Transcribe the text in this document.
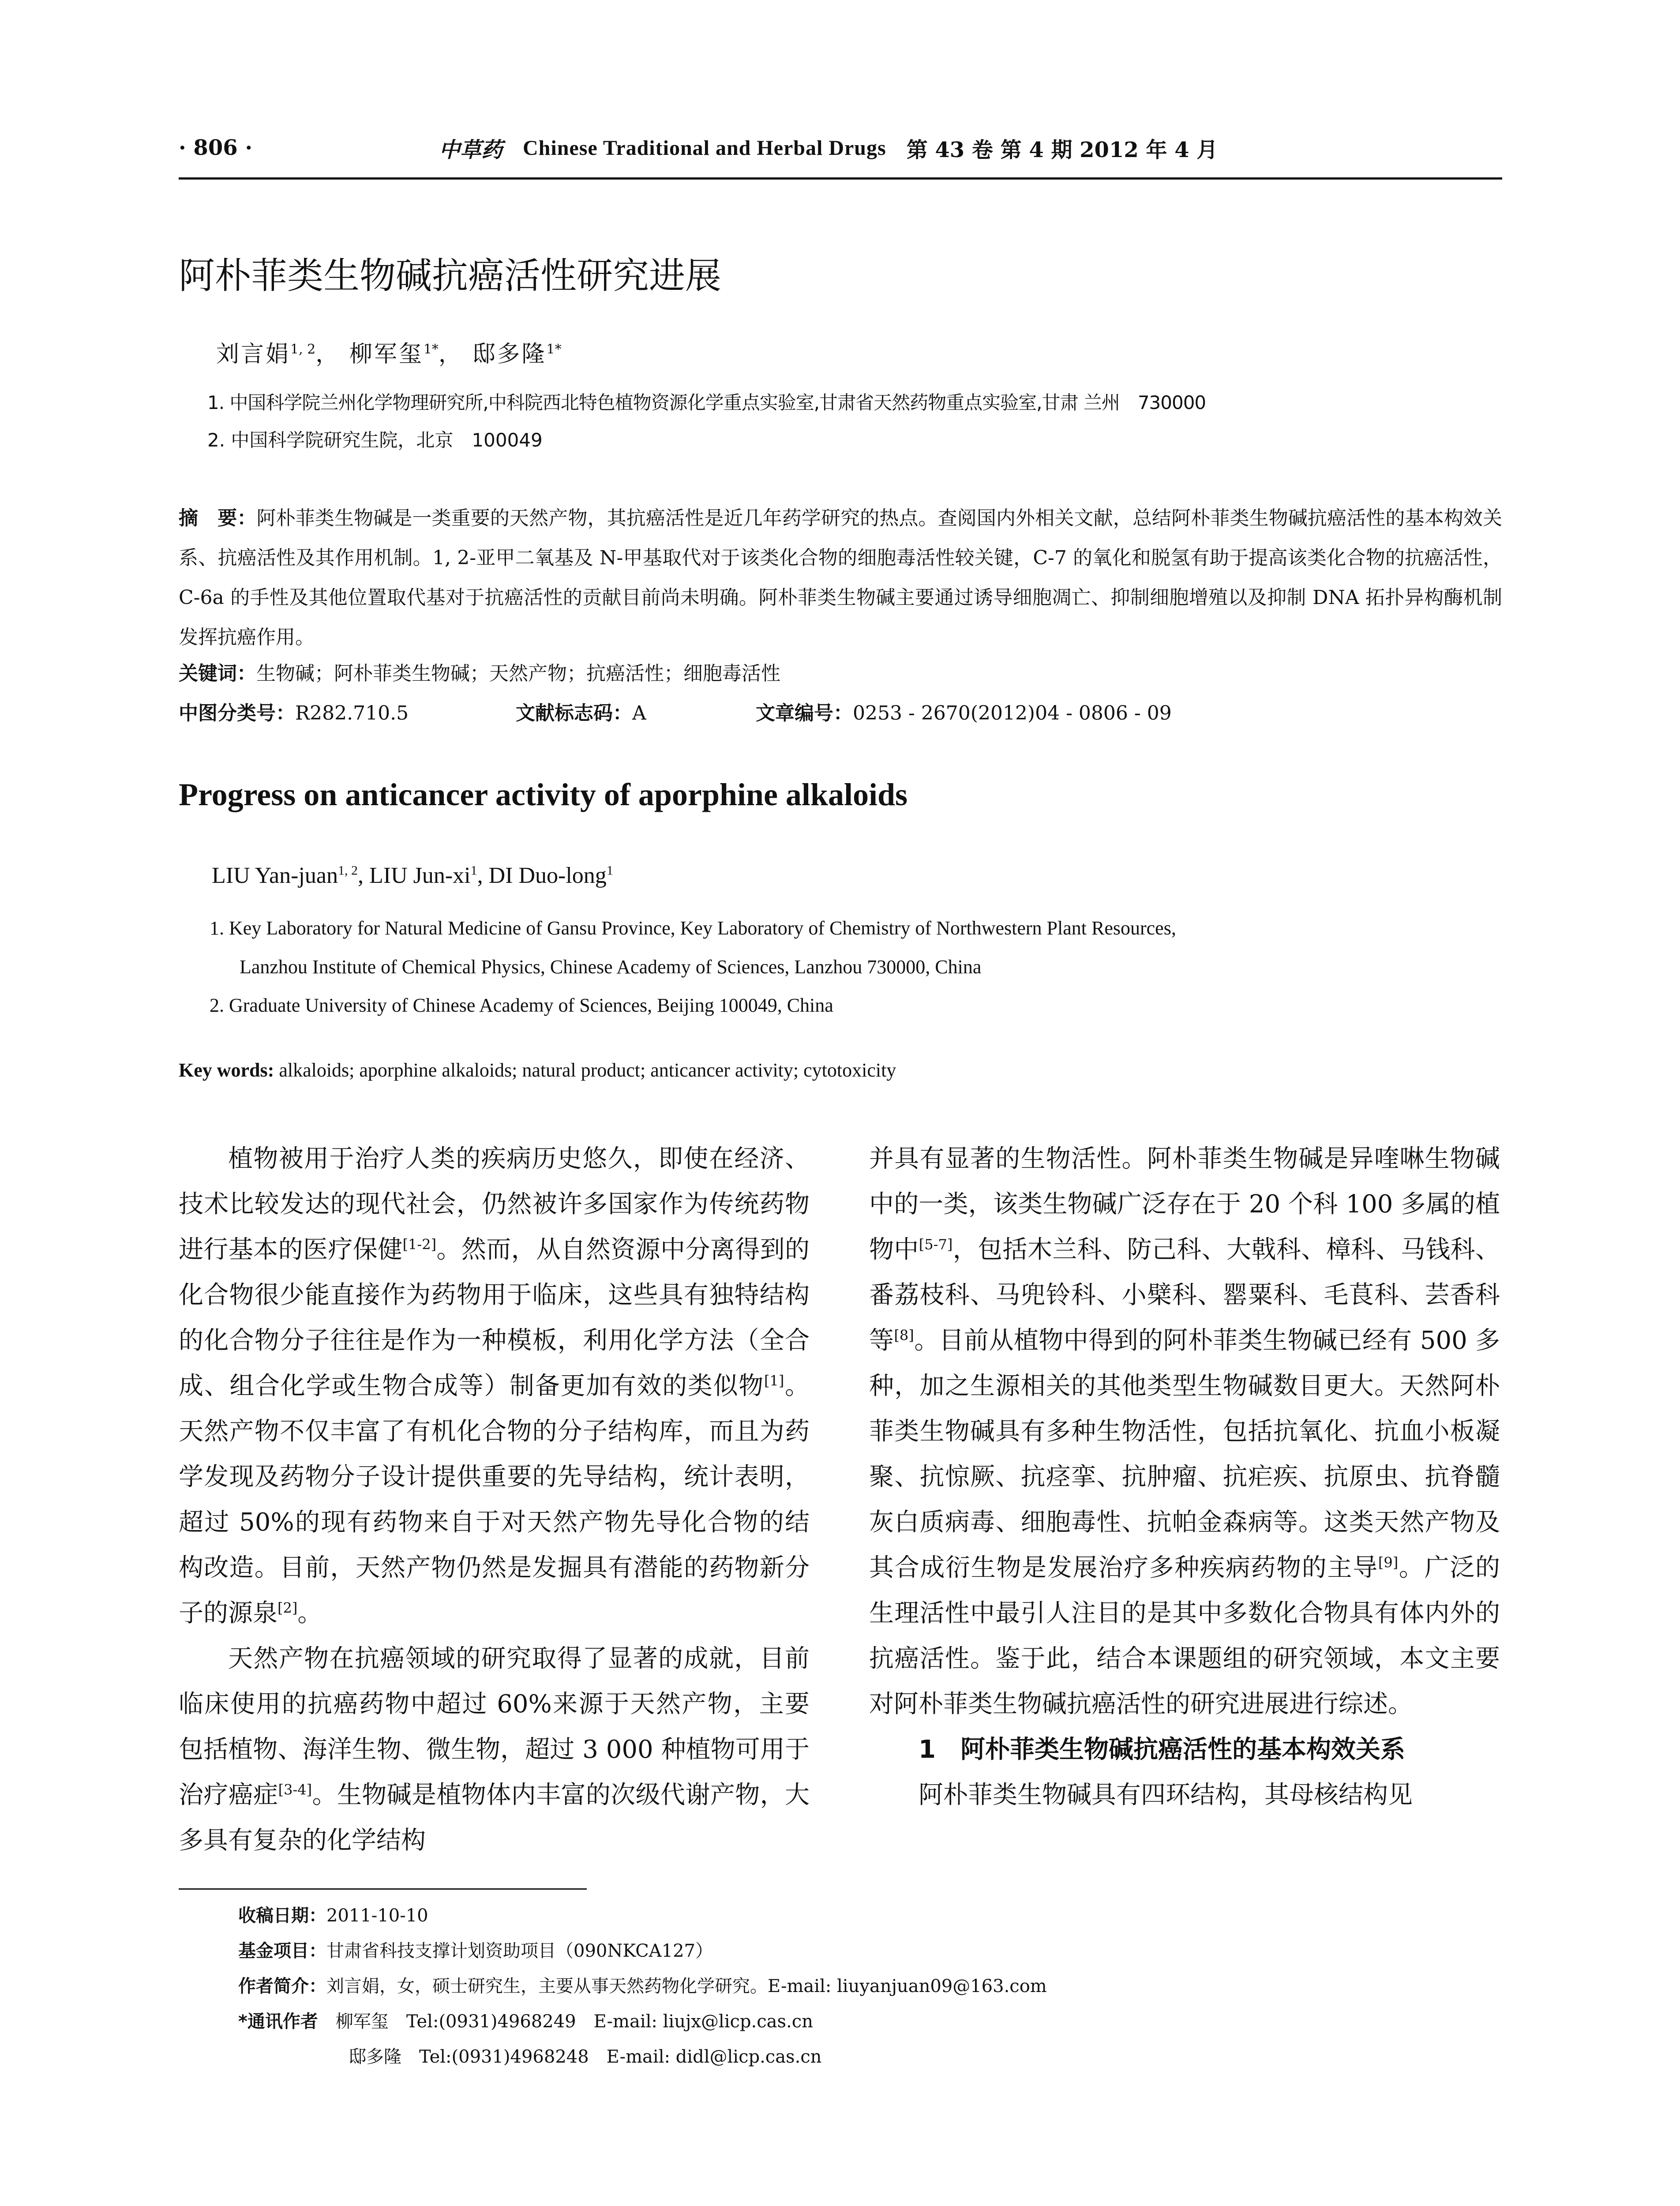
· 806 ·	中草药 Chinese Traditional and Herbal Drugs 第 43 卷 第 4 期 2012 年 4 月
阿朴菲类生物碱抗癌活性研究进展
刘言娟$^{1, 2}$， 柳军玺$^{1*}$， 邸多隆$^{1*}$
1. 中国科学院兰州化学物理研究所,中科院西北特色植物资源化学重点实验室,甘肃省天然药物重点实验室,甘肃 兰州　730000
2. 中国科学院研究生院，北京　100049
摘　要：阿朴菲类生物碱是一类重要的天然产物，其抗癌活性是近几年药学研究的热点。查阅国内外相关文献，总结阿朴菲类生物碱抗癌活性的基本构效关系、抗癌活性及其作用机制。1, 2-亚甲二氧基及 N-甲基取代对于该类化合物的细胞毒活性较关键，C-7 的氧化和脱氢有助于提高该类化合物的抗癌活性，C-6a 的手性及其他位置取代基对于抗癌活性的贡献目前尚未明确。阿朴菲类生物碱主要通过诱导细胞凋亡、抑制细胞增殖以及抑制 DNA 拓扑异构酶机制发挥抗癌作用。
关键词：生物碱；阿朴菲类生物碱；天然产物；抗癌活性；细胞毒活性
中图分类号：R282.710.5	文献标志码：A	文章编号：0253 - 2670(2012)04 - 0806 - 09
Progress on anticancer activity of aporphine alkaloids
LIU Yan-juan$^{1, 2}$, LIU Jun-$xi^1$, DI Duo-long$^1$
1. Key Laboratory for Natural Medicine of Gansu Province, Key Laboratory of Chemistry of Northwestern Plant Resources,
Lanzhou Institute of Chemical Physics, Chinese Academy of Sciences, Lanzhou 730000, China
2. Graduate University of Chinese Academy of Sciences, Beijing 100049, China
Key words: alkaloids; aporphine alkaloids; natural product; anticancer activity; cytotoxicity

植物被用于治疗人类的疾病历史悠久，即使在经济、技术比较发达的现代社会，仍然被许多国家作为传统药物进行基本的医疗保健[1-2]。然而，从自然资源中分离得到的化合物很少能直接作为药物用于临床，这些具有独特结构的化合物分子往往是作为一种模板，利用化学方法（全合成、组合化学或生物合成等）制备更加有效的类似物[1]。天然产物不仅丰富了有机化合物的分子结构库，而且为药学发现及药物分子设计提供重要的先导结构，统计表明，超过 50%的现有药物来自于对天然产物先导化合物的结构改造。目前，天然产物仍然是发掘具有潜能的药物新分子的源泉[2]。

天然产物在抗癌领域的研究取得了显著的成就，目前临床使用的抗癌药物中超过 60%来源于天然产物，主要包括植物、海洋生物、微生物，超过 3 000 种植物可用于治疗癌症[3-4]。生物碱是植物体内丰富的次级代谢产物，大多具有复杂的化学结构

并具有显著的生物活性。阿朴菲类生物碱是异喹啉生物碱中的一类，该类生物碱广泛存在于 20 个科 100 多属的植物中[5-7]，包括木兰科、防己科、大戟科、樟科、马钱科、番荔枝科、马兜铃科、小檗科、罂粟科、毛茛科、芸香科等[8]。目前从植物中得到的阿朴菲类生物碱已经有 500 多种，加之生源相关的其他类型生物碱数目更大。天然阿朴菲类生物碱具有多种生物活性，包括抗氧化、抗血小板凝聚、抗惊厥、抗痉挛、抗肿瘤、抗疟疾、抗原虫、抗脊髓灰白质病毒、细胞毒性、抗帕金森病等。这类天然产物及其合成衍生物是发展治疗多种疾病药物的主导[9]。广泛的生理活性中最引人注目的是其中多数化合物具有体内外的抗癌活性。鉴于此，结合本课题组的研究领域，本文主要对阿朴菲类生物碱抗癌活性的研究进展进行综述。

1　阿朴菲类生物碱抗癌活性的基本构效关系

阿朴菲类生物碱具有四环结构，其母核结构见

收稿日期：2011-10-10
基金项目：甘肃省科技支撑计划资助项目（090NKCA127）
作者简介：刘言娟，女，硕士研究生，主要从事天然药物化学研究。E-mail: liuyanjuan09@163.com
*通讯作者 柳军玺 Tel:(0931)4968249 E-mail: liujx@licp.cas.cn
邸多隆 Tel:(0931)4968248 E-mail: didl@licp.cas.cn
